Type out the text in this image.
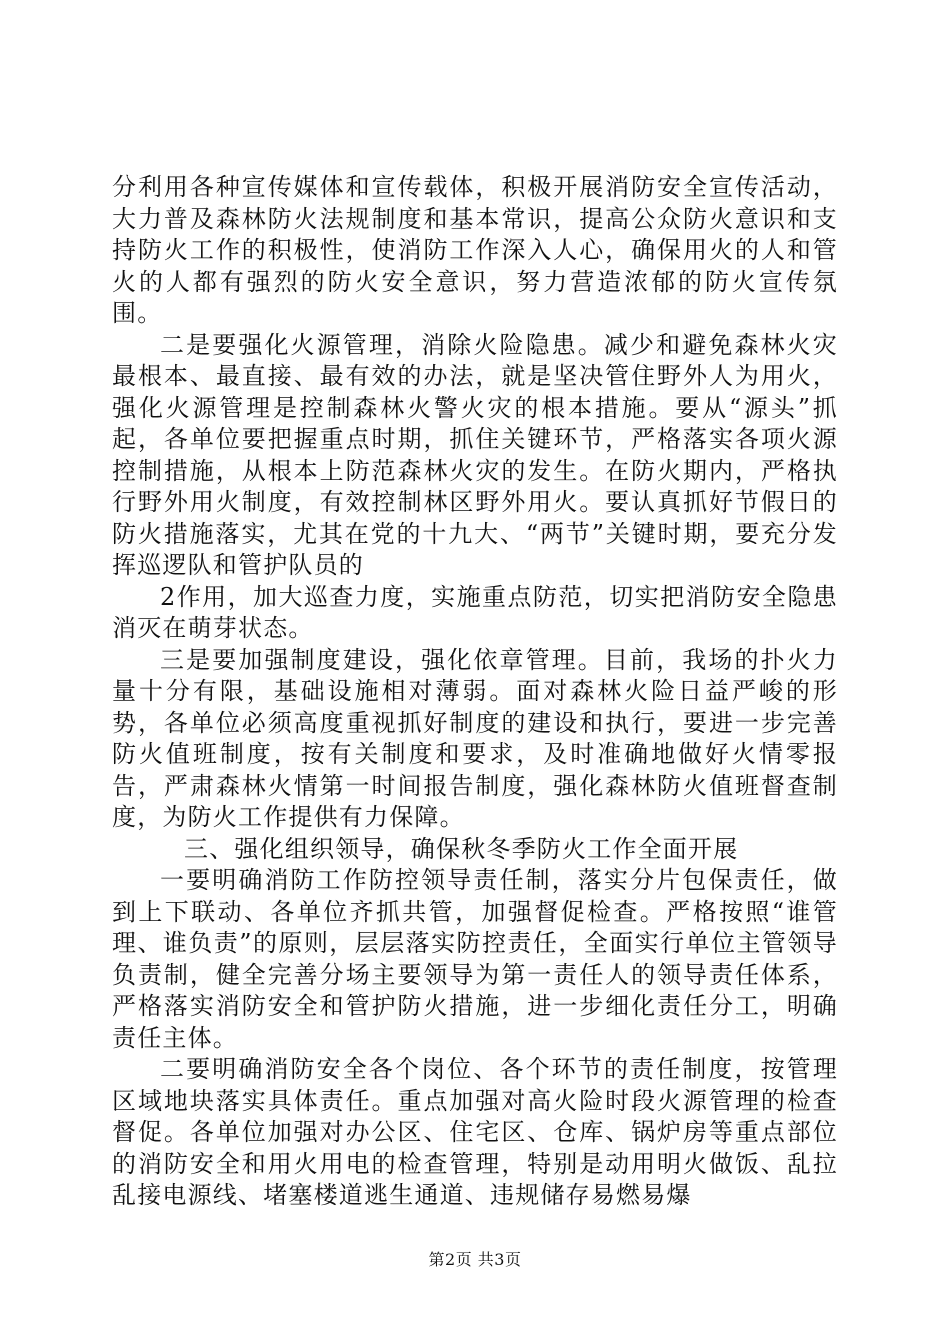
分利用各种宣传媒体和宣传载体，积极开展消防安全宣传活动，大力普及森林防火法规制度和基本常识，提高公众防火意识和支持防火工作的积极性，使消防工作深入人心，确保用火的人和管火的人都有强烈的防火安全意识，努力营造浓郁的防火宣传氛围。

二是要强化火源管理，消除火险隐患。减少和避免森林火灾最根本、最直接、最有效的办法，就是坚决管住野外人为用火，强化火源管理是控制森林火警火灾的根本措施。要从“源头”抓起，各单位要把握重点时期，抓住关键环节，严格落实各项火源控制措施，从根本上防范森林火灾的发生。在防火期内，严格执行野外用火制度，有效控制林区野外用火。要认真抓好节假日的防火措施落实，尤其在党的十九大、“两节”关键时期，要充分发挥巡逻队和管护队员的

2作用，加大巡查力度，实施重点防范，切实把消防安全隐患消灭在萌芽状态。

三是要加强制度建设，强化依章管理。目前，我场的扑火力量十分有限，基础设施相对薄弱。面对森林火险日益严峻的形势，各单位必须高度重视抓好制度的建设和执行，要进一步完善防火值班制度，按有关制度和要求，及时准确地做好火情零报告，严肃森林火情第一时间报告制度，强化森林防火值班督查制度，为防火工作提供有力保障。

三、强化组织领导，确保秋冬季防火工作全面开展

一要明确消防工作防控领导责任制，落实分片包保责任，做到上下联动、各单位齐抓共管，加强督促检查。严格按照“谁管理、谁负责”的原则，层层落实防控责任，全面实行单位主管领导负责制，健全完善分场主要领导为第一责任人的领导责任体系，严格落实消防安全和管护防火措施，进一步细化责任分工，明确责任主体。

二要明确消防安全各个岗位、各个环节的责任制度，按管理区域地块落实具体责任。重点加强对高火险时段火源管理的检查督促。各单位加强对办公区、住宅区、仓库、锅炉房等重点部位的消防安全和用火用电的检查管理，特别是动用明火做饭、乱拉乱接电源线、堵塞楼道逃生通道、违规储存易燃易爆

第2页 共3页
